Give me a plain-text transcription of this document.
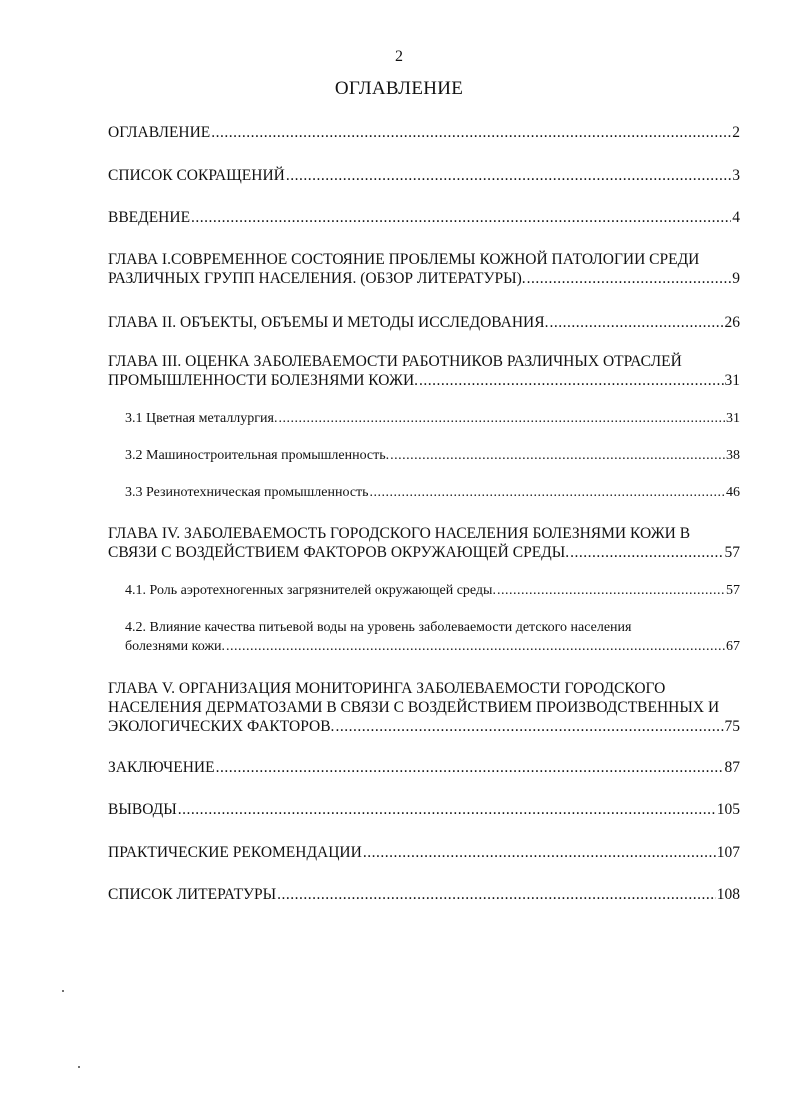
2
ОГЛАВЛЕНИЕ
ОГЛАВЛЕНИЕ .....	2
СПИСОК СОКРАЩЕНИЙ .....	3
ВВЕДЕНИЕ .....	4
ГЛАВА I.СОВРЕМЕННОЕ СОСТОЯНИЕ ПРОБЛЕМЫ КОЖНОЙ ПАТОЛОГИИ СРЕДИ
РАЗЛИЧНЫХ ГРУПП НАСЕЛЕНИЯ. (ОБЗОР ЛИТЕРАТУРЫ). .....	9
ГЛАВА II. ОБЪЕКТЫ, ОБЪЕМЫ И МЕТОДЫ ИССЛЕДОВАНИЯ. .....	26
ГЛАВА III. ОЦЕНКА ЗАБОЛЕВАЕМОСТИ РАБОТНИКОВ РАЗЛИЧНЫХ ОТРАСЛЕЙ
ПРОМЫШЛЕННОСТИ БОЛЕЗНЯМИ КОЖИ. .....	31
3.1 Цветная металлургия. .....	31
3.2 Машиностроительная промышленность. .....	38
3.3 Резинотехническая промышленность .....	46
ГЛАВА IV. ЗАБОЛЕВАЕМОСТЬ ГОРОДСКОГО НАСЕЛЕНИЯ БОЛЕЗНЯМИ КОЖИ В
СВЯЗИ С ВОЗДЕЙСТВИЕМ ФАКТОРОВ ОКРУЖАЮЩЕЙ СРЕДЫ. .....	57
4.1. Роль аэротехногенных загрязнителей окружающей среды. .....	57
4.2. Влияние качества питьевой воды на уровень заболеваемости детского населения
болезнями кожи. .....	67
ГЛАВА V. ОРГАНИЗАЦИЯ МОНИТОРИНГА ЗАБОЛЕВАЕМОСТИ ГОРОДСКОГО
НАСЕЛЕНИЯ ДЕРМАТОЗАМИ В СВЯЗИ С ВОЗДЕЙСТВИЕМ ПРОИЗВОДСТВЕННЫХ И
ЭКОЛОГИЧЕСКИХ ФАКТОРОВ. .....	75
ЗАКЛЮЧЕНИЕ .....	87
ВЫВОДЫ .....	105
ПРАКТИЧЕСКИЕ РЕКОМЕНДАЦИИ .....	107
СПИСОК ЛИТЕРАТУРЫ .....	108
